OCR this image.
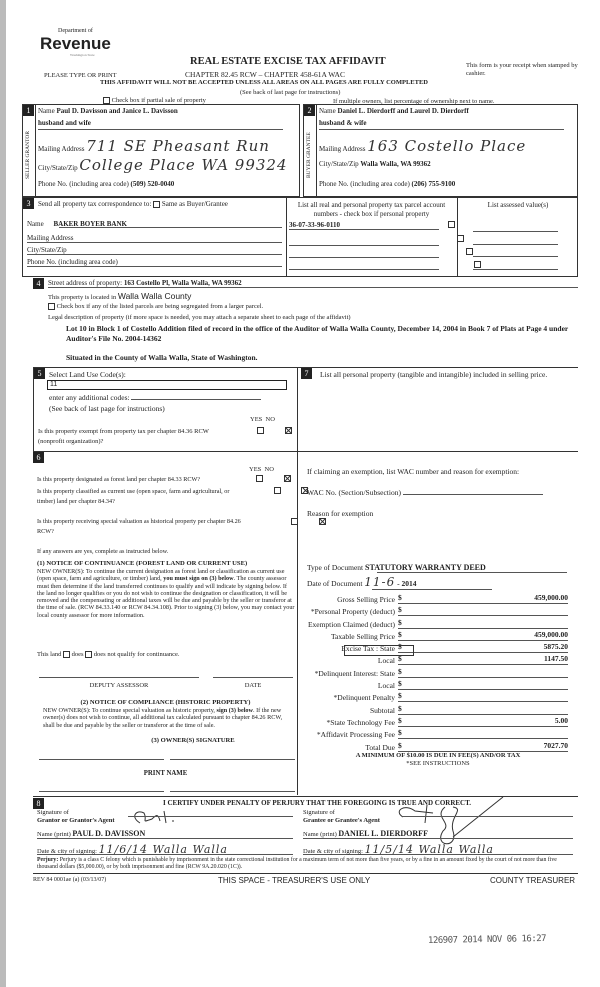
Department of
Revenue
Washington State
PLEASE TYPE OR PRINT
REAL ESTATE EXCISE TAX AFFIDAVIT
CHAPTER 82.45 RCW – CHAPTER 458-61A WAC
This form is your receipt when stamped by cashier.
THIS AFFIDAVIT WILL NOT BE ACCEPTED UNLESS ALL AREAS ON ALL PAGES ARE FULLY COMPLETED
(See back of last page for instructions)
Check box if partial sale of property	If multiple owners, list percentage of ownership next to name.
1
SELLER GRANTOR
Name Paul D. Davisson and Janice L. Davisson
husband and wife
Mailing Address 711 SE Pheasant Run
City/State/Zip College Place WA 99324
Phone No. (including area code) (509) 520-0040
2
BUYER GRANTEE
Name Daniel L. Dierdorff and Laurel D. Dierdorff
husband & wife
Mailing Address 163 Costello Place
City/State/Zip Walla Walla, WA 99362
Phone No. (including area code) (206) 755-9100
3	Send all property tax correspondence to: Same as Buyer/Grantee
Name BAKER BOYER BANK
Mailing Address
City/State/Zip
Phone No. (including area code)
List all real and personal property tax parcel account numbers - check box if personal property
36-07-33-96-0110

List assessed value(s)
4	Street address of property: 163 Costello Pl, Walla Walla, WA 99362
This property is located in Walla Walla County
Check box if any of the listed parcels are being segregated from a larger parcel.
Legal description of property (if more space is needed, you may attach a separate sheet to each page of the affidavit)
Lot 10 in Block 1 of Costello Addition filed of record in the office of the Auditor of Walla Walla County, December 14, 2004 in Book 7 of Plats at Page 4 under Auditor's File No. 2004-14362
Situated in the County of Walla Walla, State of Washington.
5	Select Land Use Code(s):
11
enter any additional codes:
(See back of last page for instructions)
YES NO
Is this property exempt from property tax per chapter 84.36 RCW (nonprofit organization)?

6
YES NO
Is this property designated as forest land per chapter 84.33 RCW?

Is this property classified as current use (open space, farm and agricultural, or timber) land per chapter 84.34?

Is this property receiving special valuation as historical property per chapter 84.26 RCW?

If any answers are yes, complete as instructed below.
(1) NOTICE OF CONTINUANCE (FOREST LAND OR CURRENT USE)
NEW OWNER(S): To continue the current designation as forest land or classification as current use (open space, farm and agriculture, or timber) land, you must sign on (3) below. The county assessor must then determine if the land transferred continues to qualify and will indicate by signing below. If the land no longer qualifies or you do not wish to continue the designation or classification, it will be removed and the compensating or additional taxes will be due and payable by the seller or transferor at the time of sale. (RCW 84.33.140 or RCW 84.34.108). Prior to signing (3) below, you may contact your local county assessor for more information.
This land does does not qualify for continuance.
DEPUTY ASSESSOR	DATE
(2) NOTICE OF COMPLIANCE (HISTORIC PROPERTY)
NEW OWNER(S): To continue special valuation as historic property, sign (3) below. If the new owner(s) does not wish to continue, all additional tax calculated pursuant to chapter 84.26 RCW, shall be due and payable by the seller or transferor at the time of sale.
(3) OWNER(S) SIGNATURE
PRINT NAME
7	List all personal property (tangible and intangible) included in selling price.
If claiming an exemption, list WAC number and reason for exemption:
WAC No. (Section/Subsection)
Reason for exemption
Type of Document STATUTORY WARRANTY DEED
Date of Document 11-6 - 2014
Gross Selling Price $	459,000.00
*Personal Property (deduct) $
Exemption Claimed (deduct) $
Taxable Selling Price $	459,000.00
Excise Tax : State $	5875.20
Local $	1147.50
*Delinquent Interest: State $
Local $
*Delinquent Penalty $
Subtotal $
*State Technology Fee $	5.00
*Affidavit Processing Fee $
Total Due $	7027.70
A MINIMUM OF $10.00 IS DUE IN FEE(S) AND/OR TAX
*SEE INSTRUCTIONS
8	I CERTIFY UNDER PENALTY OF PERJURY THAT THE FOREGOING IS TRUE AND CORRECT.
Signature of
Grantor or Grantor's Agent
Name (print) PAUL D. DAVISSON
Date & city of signing: 11/6/14 Walla Walla
Signature of
Grantee or Grantee's Agent
Name (print) DANIEL L. DIERDORFF
Date & city of signing: 11/5/14 Walla Walla
Perjury: Perjury is a class C felony which is punishable by imprisonment in the state correctional institution for a maximum term of not more than five years, or by a fine in an amount fixed by the court of not more than five thousand dollars ($5,000.00), or by both imprisonment and fine (RCW 9A.20.020 (1C)).
REV 84 0001ae (a) (03/13/07)	THIS SPACE - TREASURER'S USE ONLY	COUNTY TREASURER
126907 2014 NOV 06 16:27
